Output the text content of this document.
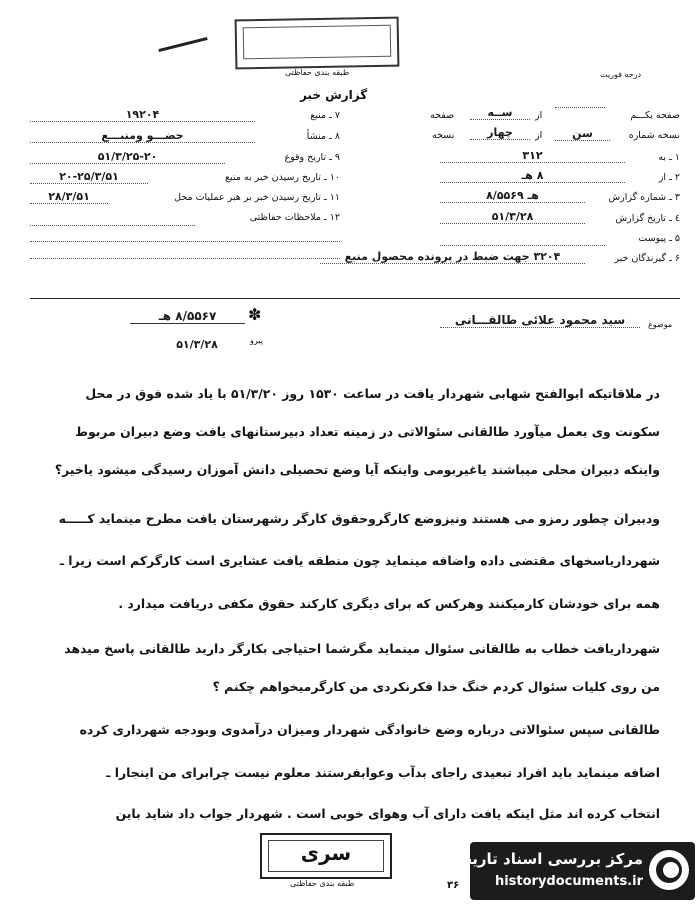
طبقه بندی حفاظتی	درجه فوریت
گزارش خبر
۷ ـ منبع
۱۹۲۰۴
۸ ـ منشأ
حضـــو ومنبـــع
۹ ـ تاریخ وقوع
۵۱/۳/۲۵-۲۰
۱۰ ـ تاریخ رسیدن خبر به منبع
۲۰-۲۵/۳/۵۱
۱۱ ـ تاریخ رسیدن خبر بر هبر عملیات محل
۲۸/۳/۵۱
۱۲ ـ ملاحظات حفاظتی
صفحه یکـــم
از
ســه
صفحه
نسخه شماره
سن
از
چهار
نسخه
۱ ـ به
۳۱۲
۲ ـ از
۸ هـ
۳ ـ شماره گزارش
۸/۵۵۶۹ هـ
٤ ـ تاریخ گزارش
۵۱/۳/۲۸
۵ ـ پیوست
۶ ـ گیرندگان خبر
۳۲۰۴ جهت ضبط در پرونده محصول منبع
موضوع
سید محمود علائی طالقـــانی
۸/۵۵۶۷ هـ	✽
پیرو
۵۱/۳/۲۸
در ملاقاتیکه ابوالفتح شهابی شهردار یافت در ساعت ۱۵۳۰ روز ۵۱/۳/۲۰ با یاد شده فوق در محل
سکونت وی بعمل میآورد طالقانی سئوالاتی در زمینه تعداد دبیرستانهای یافت وضع دبیران مربوط
واینکه دبیران محلی میباشند یاغیربومی واینکه آیا وضع تحصیلی دانش آموزان رسیدگی میشود یاخیر؟
ودبیران چطور رمزو می هستند ونیزوضع کارگروحقوق کارگر رشهرستان یافت مطرح مینماید کـــــه
شهرداریاسخهای مقتضی داده واضافه مینماید چون منطقه یافت عشایری است کارگرکم است زیرا ـ
همه برای خودشان کارمیکنند وهرکس که برای دیگری کارکند حقوق مکفی دریافت میدارد .
شهرداریافت خطاب به طالقانی سئوال مینماید مگرشما احتیاجی بکارگر دارید طالقانی پاسخ میدهد
من روی کلیات سئوال کردم خنگ خدا فکرنکردی من کارگرمیخواهم چکنم ؟
طالقانی سپس سئوالاتی درباره وضع خانوادگی شهردار ومیزان درآمدوی وبودجه شهرداری کرده
اضافه مینماید باید افراد تبعیدی راجای بدآب وعوابفرستند معلوم نیست چرابرای من اینجارا ـ
انتخاب کرده اند مثل اینکه یافت دارای آب وهوای خوبی است . شهردار جواب داد شاید باین
سری
طبقه بندی حفاظتی	۳۶
مرکز بررسی اسناد تاریخی
historydocuments.ir
